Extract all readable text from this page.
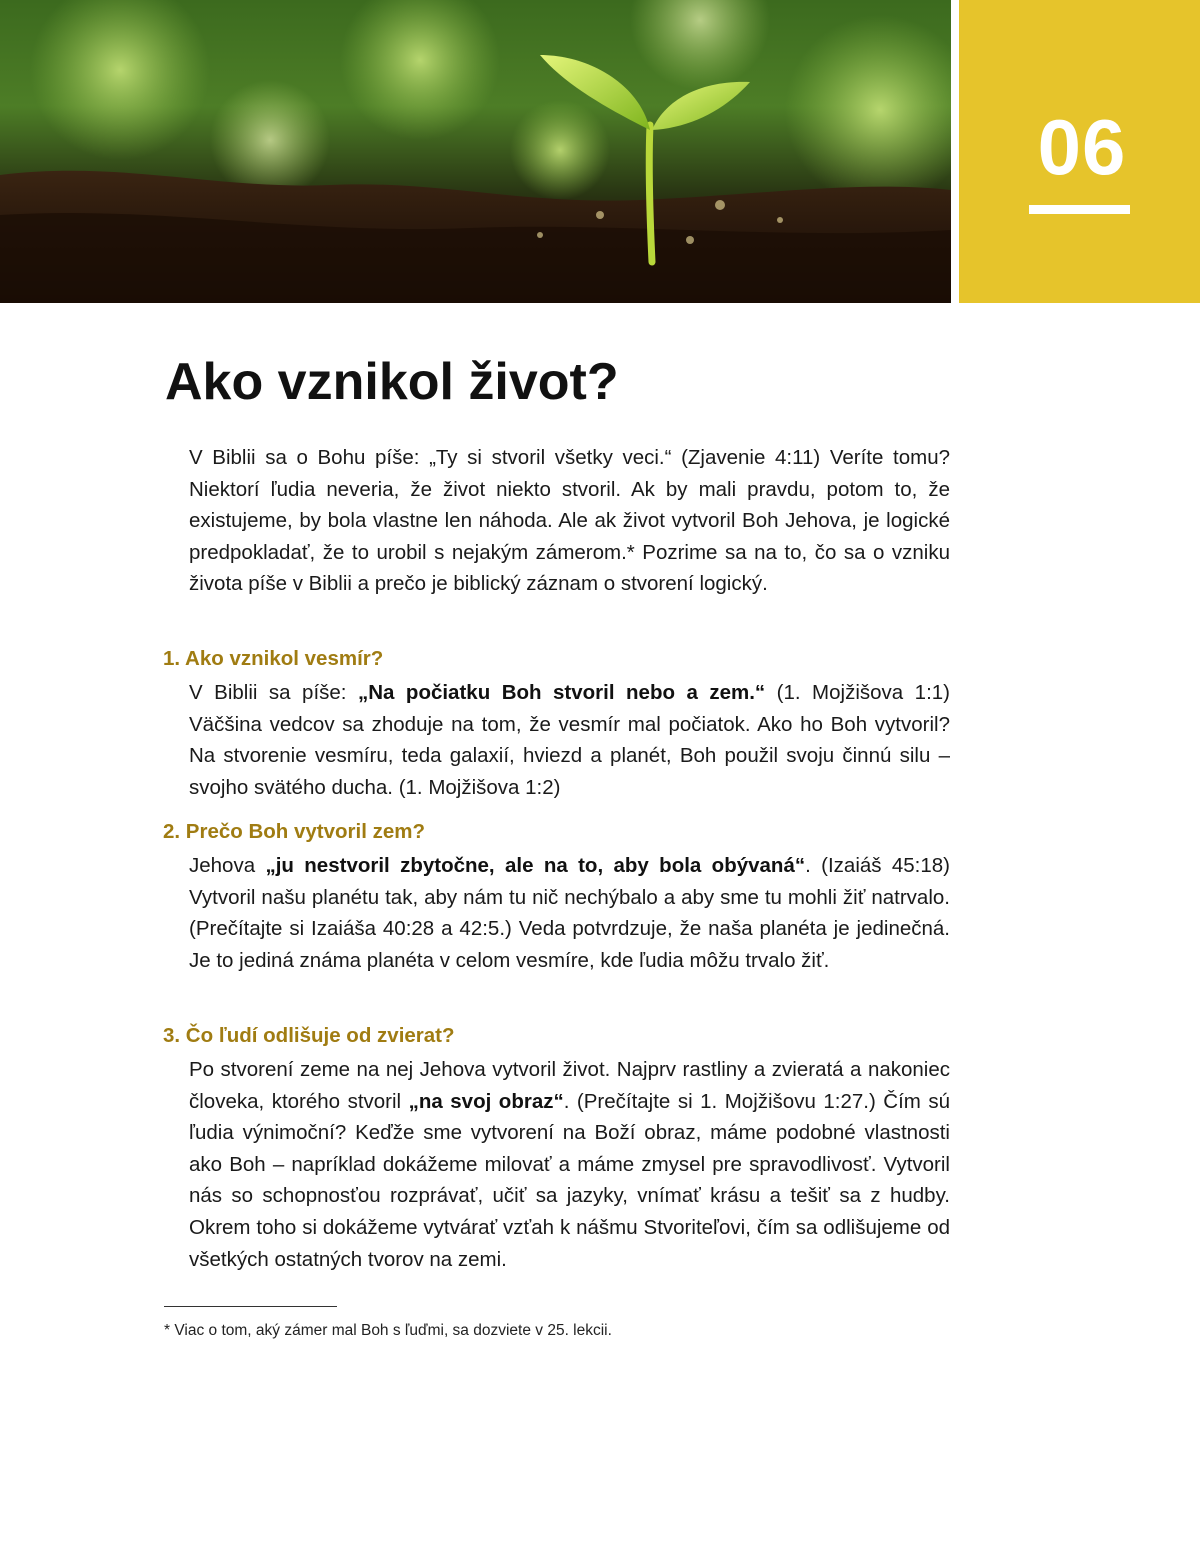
06
Ako vznikol život?

V Biblii sa o Bohu píše: „Ty si stvoril všetky veci.“ (Zjavenie 4:11) Veríte tomu? Niektorí ľudia neveria, že život niekto stvoril. Ak by mali pravdu, potom to, že existujeme, by bola vlastne len náhoda. Ale ak život vytvoril Boh Jehova, je logické predpokladať, že to urobil s nejakým zámerom.* Pozrime sa na to, čo sa o vzniku života píše v Biblii a prečo je biblický záznam o stvorení logický.

1. Ako vznikol vesmír?

V Biblii sa píše: „Na počiatku Boh stvoril nebo a zem.“ (1. Mojžišova 1:1) Väčšina vedcov sa zhoduje na tom, že vesmír mal počiatok. Ako ho Boh vytvoril? Na stvorenie vesmíru, teda galaxií, hviezd a planét, Boh použil svoju činnú silu – svojho svätého ducha. (1. Mojžišova 1:2)

2. Prečo Boh vytvoril zem?

Jehova „ju nestvoril zbytočne, ale na to, aby bola obývaná“. (Izaiáš 45:18) Vytvoril našu planétu tak, aby nám tu nič nechýbalo a aby sme tu mohli žiť natrvalo. (Prečítajte si Izaiáša 40:28 a 42:5.) Veda potvrdzuje, že naša planéta je jedinečná. Je to jediná známa planéta v celom vesmíre, kde ľudia môžu trvalo žiť.

3. Čo ľudí odlišuje od zvierat?

Po stvorení zeme na nej Jehova vytvoril život. Najprv rastliny a zvieratá a nakoniec človeka, ktorého stvoril „na svoj obraz“. (Prečítajte si 1. Mojžišovu 1:27.) Čím sú ľudia výnimoční? Keďže sme vytvorení na Boží obraz, máme podobné vlastnosti ako Boh – napríklad dokážeme milovať a máme zmysel pre spravodlivosť. Vytvoril nás so schopnosťou rozprávať, učiť sa jazyky, vnímať krásu a tešiť sa z hudby. Okrem toho si dokážeme vytvárať vzťah k nášmu Stvoriteľovi, čím sa odlišujeme od všetkých ostatných tvorov na zemi.

* Viac o tom, aký zámer mal Boh s ľuďmi, sa dozviete v 25. lekcii.
